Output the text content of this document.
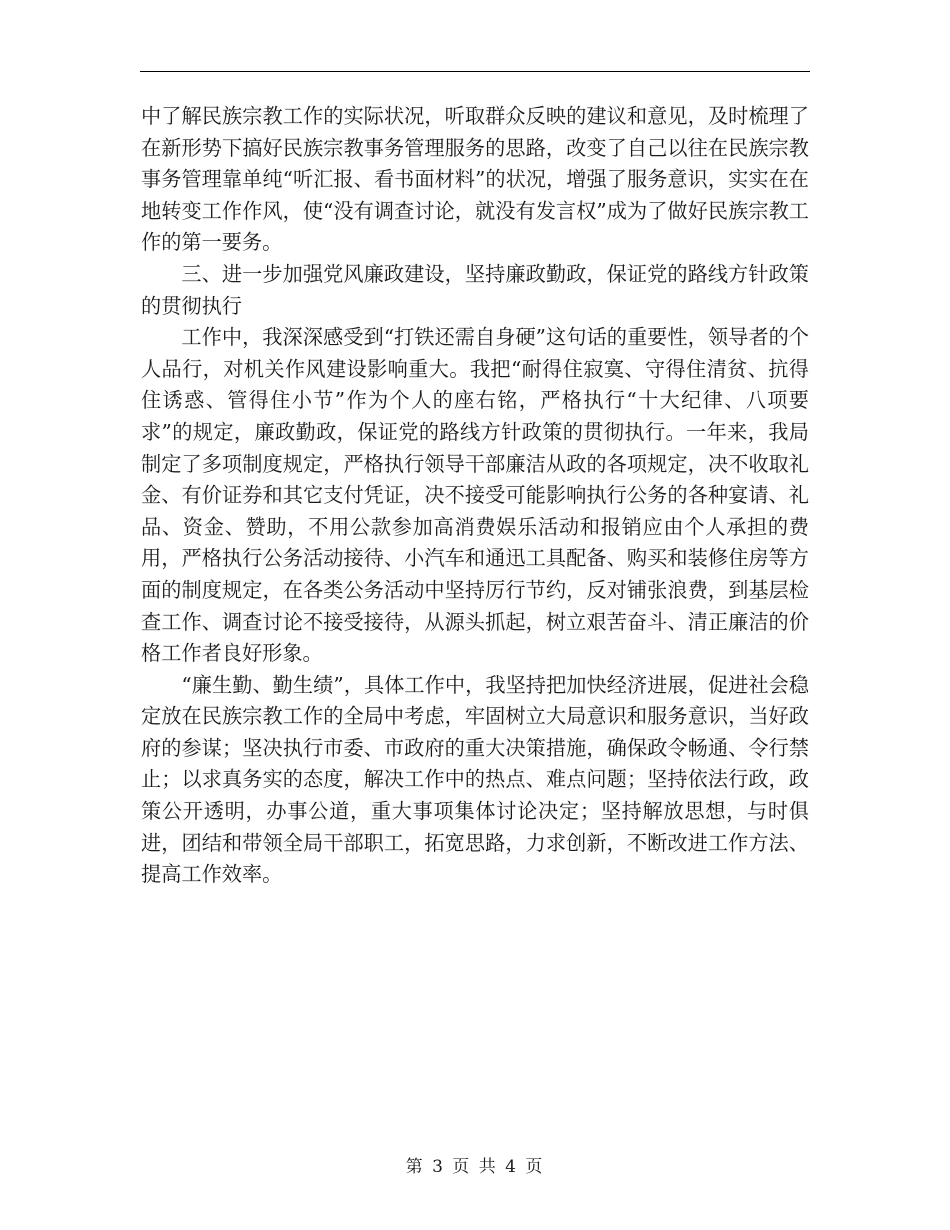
中了解民族宗教工作的实际状况，听取群众反映的建议和意见，及时梳理了在新形势下搞好民族宗教事务管理服务的思路，改变了自己以往在民族宗教事务管理靠单纯“听汇报、看书面材料”的状况，增强了服务意识，实实在在地转变工作作风，使“没有调查讨论，就没有发言权”成为了做好民族宗教工作的第一要务。

三、进一步加强党风廉政建设，坚持廉政勤政，保证党的路线方针政策的贯彻执行

工作中，我深深感受到“打铁还需自身硬”这句话的重要性，领导者的个人品行，对机关作风建设影响重大。我把“耐得住寂寞、守得住清贫、抗得住诱惑、管得住小节”作为个人的座右铭，严格执行“十大纪律、八项要求”的规定，廉政勤政，保证党的路线方针政策的贯彻执行。一年来，我局制定了多项制度规定，严格执行领导干部廉洁从政的各项规定，决不收取礼金、有价证券和其它支付凭证，决不接受可能影响执行公务的各种宴请、礼品、资金、赞助，不用公款参加高消费娱乐活动和报销应由个人承担的费用，严格执行公务活动接待、小汽车和通迅工具配备、购买和装修住房等方面的制度规定，在各类公务活动中坚持厉行节约，反对铺张浪费，到基层检查工作、调查讨论不接受接待，从源头抓起，树立艰苦奋斗、清正廉洁的价格工作者良好形象。

“廉生勤、勤生绩”，具体工作中，我坚持把加快经济进展，促进社会稳定放在民族宗教工作的全局中考虑，牢固树立大局意识和服务意识，当好政府的参谋；坚决执行市委、市政府的重大决策措施，确保政令畅通、令行禁止；以求真务实的态度，解决工作中的热点、难点问题；坚持依法行政，政策公开透明，办事公道，重大事项集体讨论决定；坚持解放思想，与时俱进，团结和带领全局干部职工，拓宽思路，力求创新，不断改进工作方法、提高工作效率。

第 3 页 共 4 页
